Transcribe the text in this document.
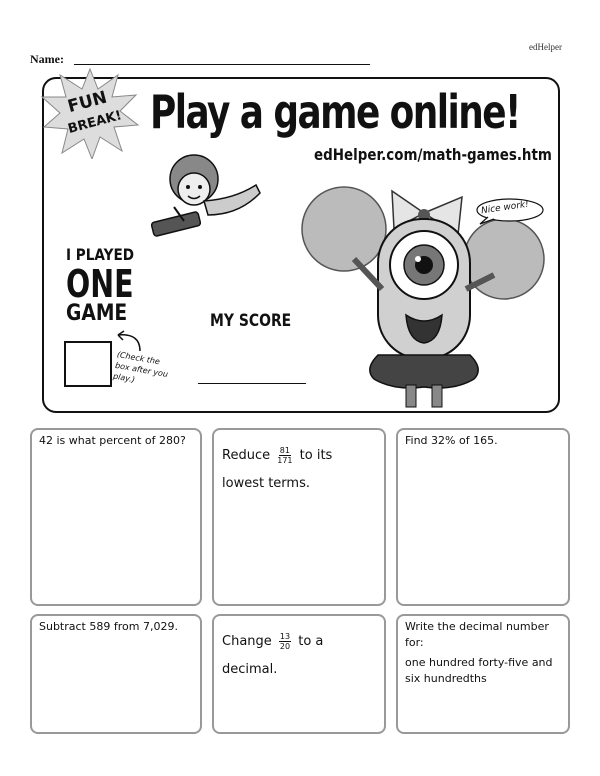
edHelper
Name:
FUN
BREAK! Play a game online!
edHelper.com/math-games.htm
I PLAYED
ONE
GAME
(Check the box after you play.)
MY SCORE
Nice work!
42 is what percent of 280?
Reduce $\frac{81}{171}$ to its lowest terms.
Find 32% of 165.
Subtract 589 from 7,029.
Change $\frac{13}{20}$ to a decimal.
Write the decimal number for:
one hundred forty-five and six hundredths
